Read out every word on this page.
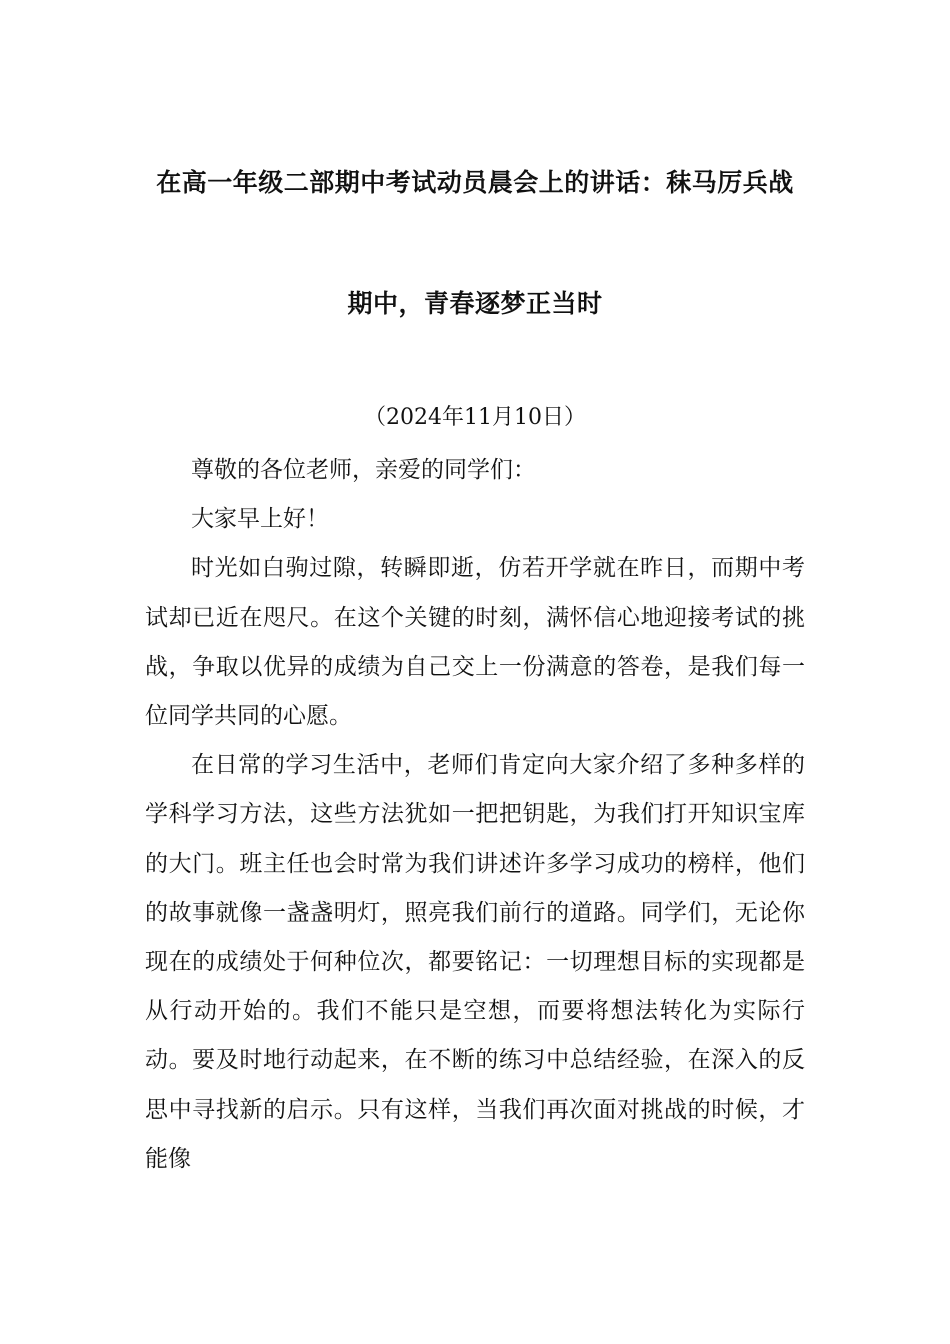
在高一年级二部期中考试动员晨会上的讲话：秣马厉兵战
期中，青春逐梦正当时
（2024年11月10日）

尊敬的各位老师，亲爱的同学们：

大家早上好！

时光如白驹过隙，转瞬即逝，仿若开学就在昨日，而期中考试却已近在咫尺。在这个关键的时刻，满怀信心地迎接考试的挑战，争取以优异的成绩为自己交上一份满意的答卷，是我们每一位同学共同的心愿。

在日常的学习生活中，老师们肯定向大家介绍了多种多样的学科学习方法，这些方法犹如一把把钥匙，为我们打开知识宝库的大门。班主任也会时常为我们讲述许多学习成功的榜样，他们的故事就像一盏盏明灯，照亮我们前行的道路。同学们，无论你现在的成绩处于何种位次，都要铭记：一切理想目标的实现都是从行动开始的。我们不能只是空想，而要将想法转化为实际行动。要及时地行动起来，在不断的练习中总结经验，在深入的反思中寻找新的启示。只有这样，当我们再次面对挑战的时候，才能像
